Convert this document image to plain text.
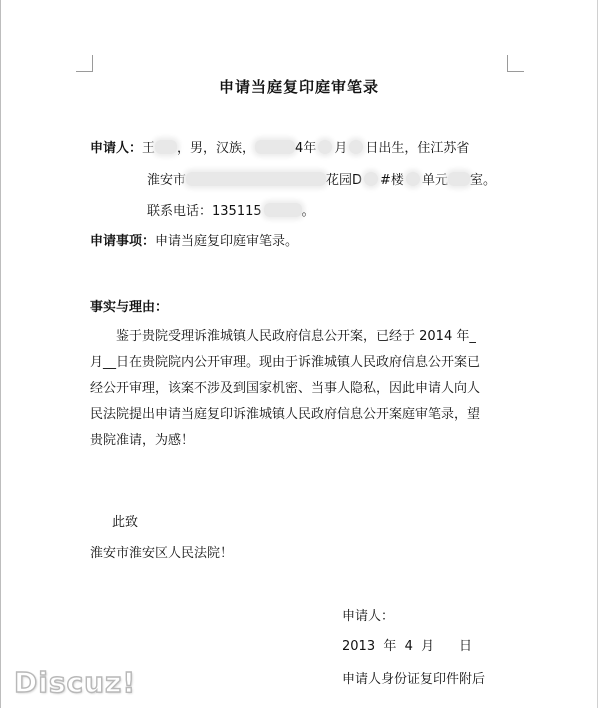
申请当庭复印庭审笔录
申请人：王 ，男，汉族，	4年 月 日出生，住江苏省
淮安市	花园D #楼 单元 室。
联系电话：135115	。
申请事项：申请当庭复印庭审笔录。
事实与理由：
　　鉴于贵院受理诉淮城镇人民政府信息公开案，已经于 2014 年_
月__日在贵院院内公开审理。现由于诉淮城镇人民政府信息公开案已
经公开审理，该案不涉及到国家机密、当事人隐私，因此申请人向人
民法院提出申请当庭复印诉淮城镇人民政府信息公开案庭审笔录，望
贵院准请，为感！
此致
淮安市淮安区人民法院！
申请人：
2013  年  4  月      日
申请人身份证复印件附后
Discuz!
